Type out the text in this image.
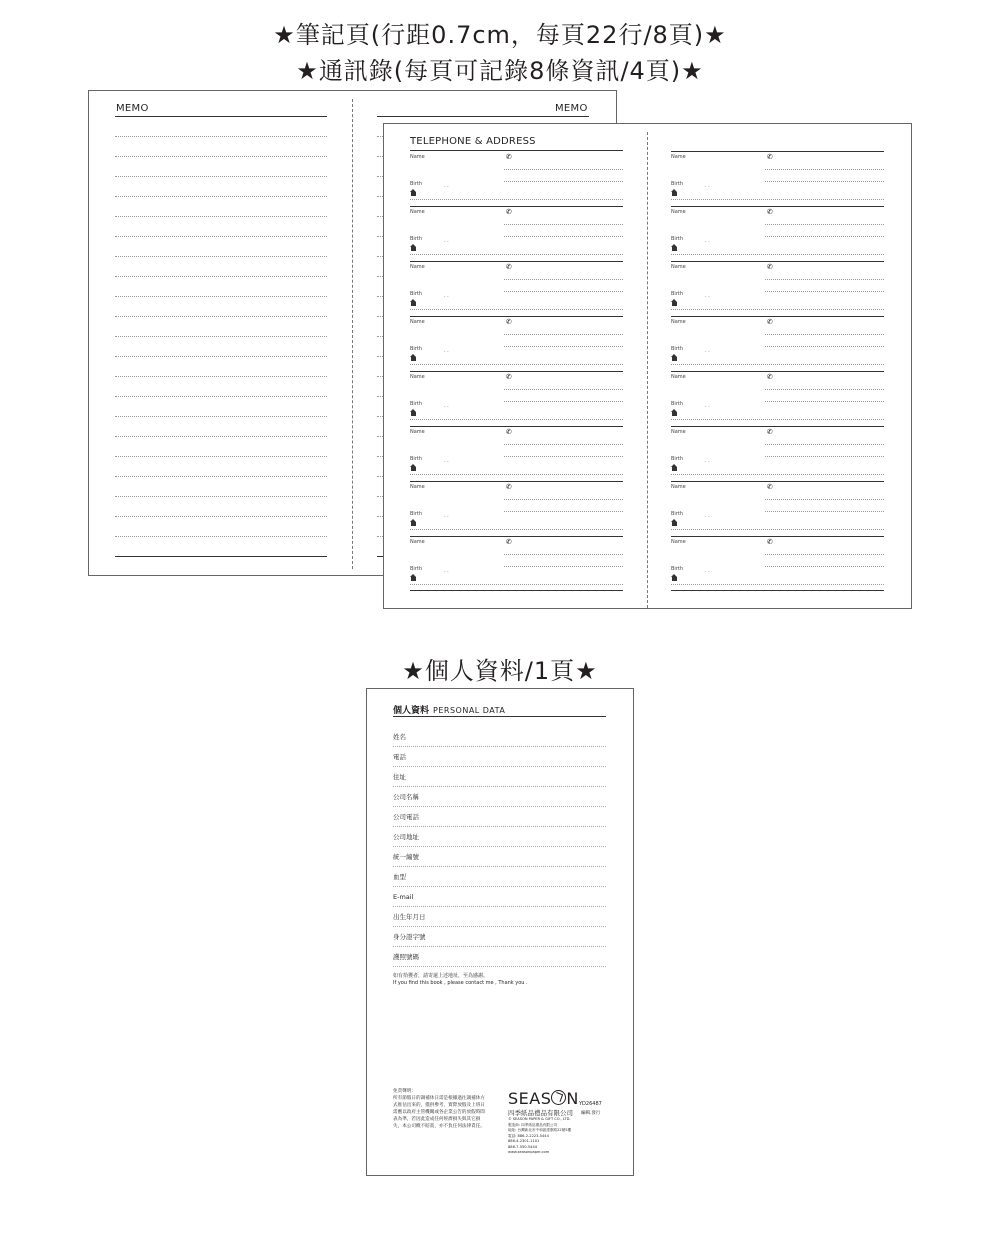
★筆記頁(行距0.7cm，每頁22行/8頁)★
★通訊錄(每頁可記錄8條資訊/4頁)★
MEMO	MEMO
TELEPHONE & ADDRESS
Name	✆
Birth	. .
Name	✆
Birth	. .
Name	✆
Birth	. .
Name	✆
Birth	. .
Name	✆
Birth	. .
Name	✆
Birth	. .
Name	✆
Birth	. .
Name	✆
Birth	. .
Name	✆
Birth	. .
Name	✆
Birth	. .
Name	✆
Birth	. .
Name	✆
Birth	. .
Name	✆
Birth	. .
Name	✆
Birth	. .
Name	✆
Birth	. .
Name	✆
Birth	. .
★個人資料/1頁★
個人資料 PERSONAL DATA
姓名
電話
住址
公司名稱
公司電話
公司地址
統一編號
血型
E-mail
出生年月日
身分證字號
護照號碼
如有拾獲者，請寄還上述地址，至為感謝。
If you find this book , please contact me , Thank you .
免責聲明：
所有節假日的調補休日需是根據過往調補休方式推估出來的，僅供參考，實際放假及上班日需應以政府主管機關或各企業公告的放假時間表為準，若因此造成任何經濟損失與其它損失，本公司概不賠賞，亦不負任何法律責任。
SEAS N YD26487
四季紙品禮品有限公司 編輯.發行
© SEASON PAPER & GIFT CO., LTD.
製造商: 四季紙品禮品有限公司
地址: 台灣新北市中和區建康路22號5樓
電話: 886-2-2223-5444
886-4-2301-1101
886-7-550-5444
www.seasonpaper.com
